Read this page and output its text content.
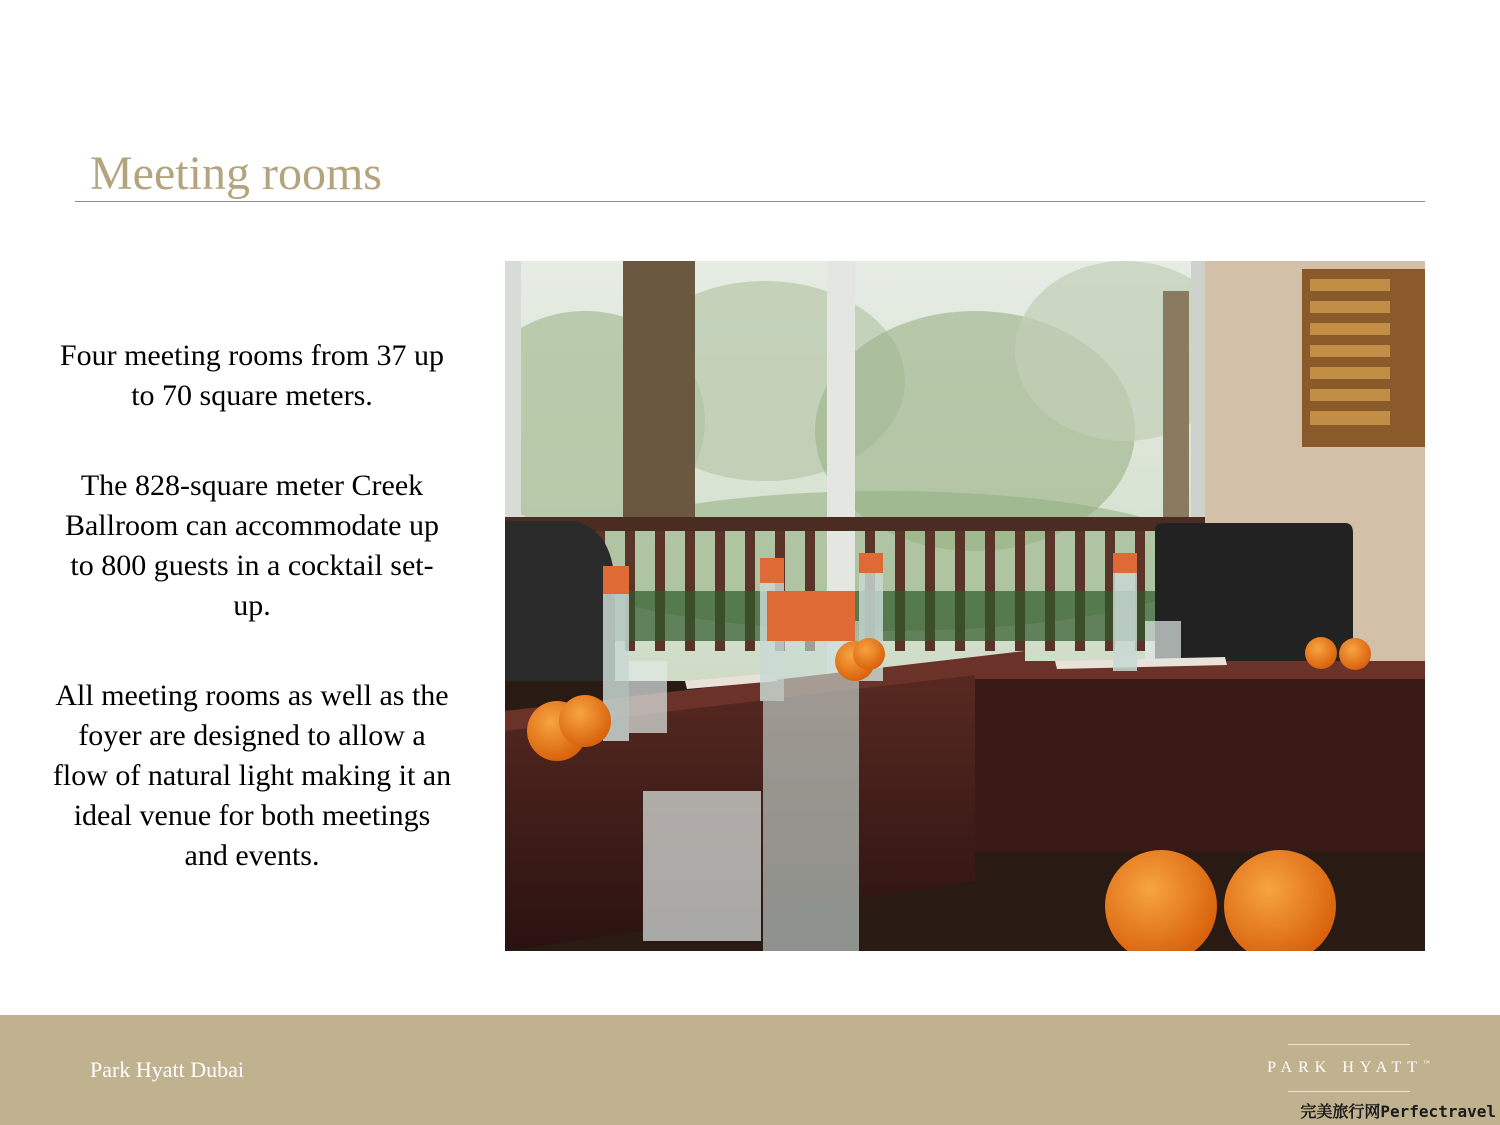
Meeting rooms

Four meeting rooms from 37 up to 70 square meters.

The 828-square meter Creek Ballroom can accommodate up to 800 guests in a cocktail set-up.

All meeting rooms as well as the foyer are designed to allow a flow of natural light making it an ideal venue for both meetings and events.

Park Hyatt Dubai	PARK HYATT™
完美旅行网Perfectravel
